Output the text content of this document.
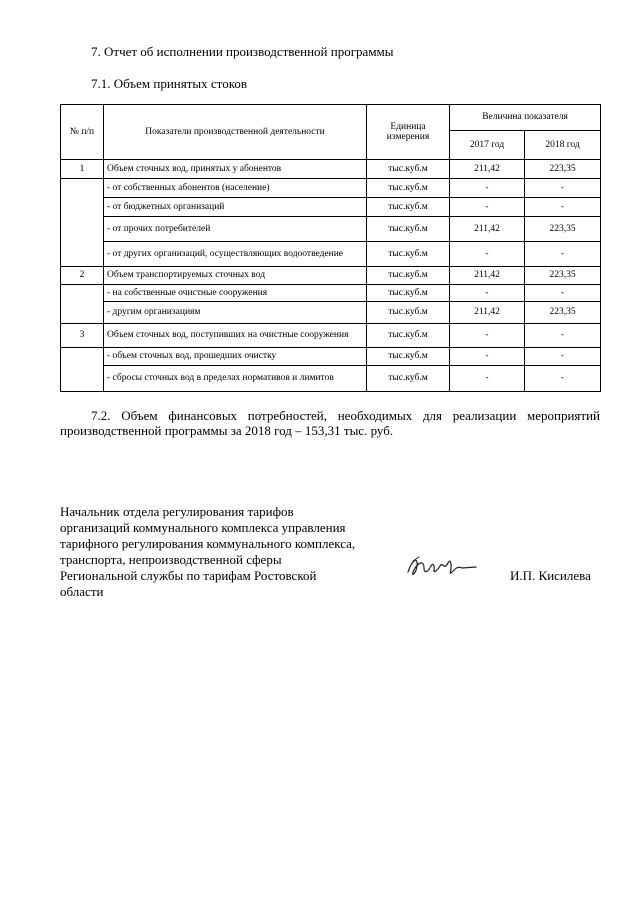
7. Отчет об исполнении производственной программы
7.1. Объем принятых стоков
№ п/п	Показатели производственной деятельности	Единица измерения	Величина показателя	
			2017 год	2018 год
1	Объем сточных вод, принятых у абонентов	тыс.куб.м	211,42	223,35
	- от собственных абонентов (население)	тыс.куб.м	-	-
	- от бюджетных организаций	тыс.куб.м	-	-
	- от прочих потребителей	тыс.куб.м	211,42	223,35
	- от других организаций, осуществляющих водоотведение	тыс.куб.м	-	-
2	Объем транспортируемых сточных вод	тыс.куб.м	211,42	223,35
	- на собственные очистные сооружения	тыс.куб.м	-	-
	- другим организациям	тыс.куб.м	211,42	223,35
3	Объем сточных вод, поступивших на очистные сооружения	тыс.куб.м	-	-
	- объем сточных вод, прошедших очистку	тыс.куб.м	-	-
	- сбросы сточных вод в пределах нормативов и лимитов	тыс.куб.м	-	-
7.2. Объем финансовых потребностей, необходимых для реализации мероприятий производственной программы за 2018 год – 153,31 тыс. руб.
Начальник отдела регулирования тарифов организаций коммунального комплекса управления тарифного регулирования коммунального комплекса, транспорта, непроизводственной сферы Региональной службы по тарифам Ростовской области
И.П. Кисилева
